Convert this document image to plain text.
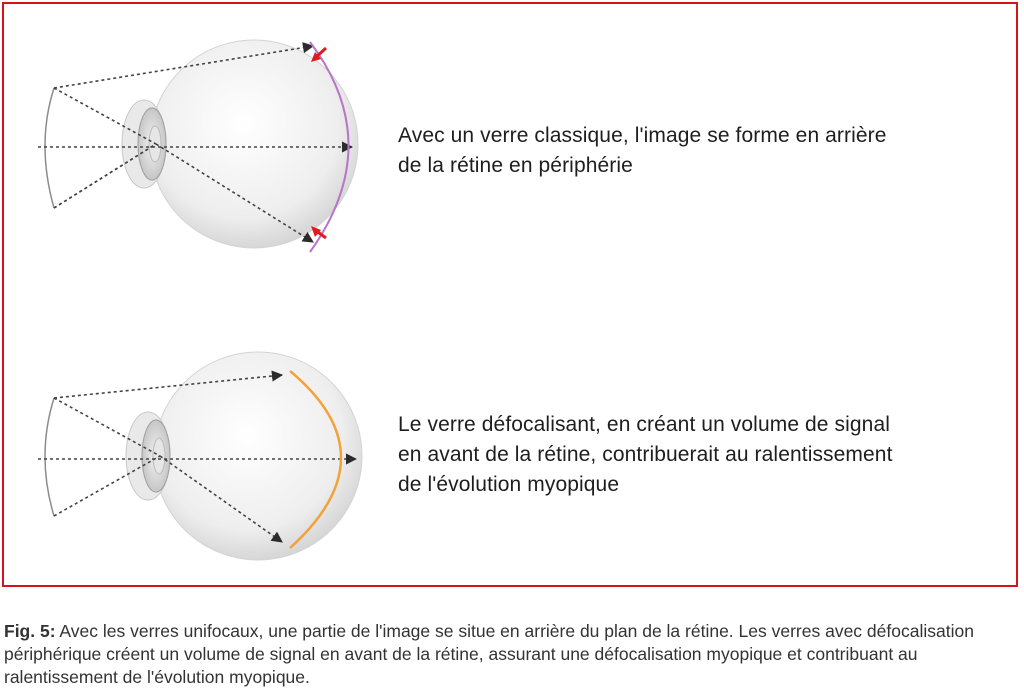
Avec un verre classique, l'image se forme en arrière
de la rétine en périphérie
Le verre défocalisant, en créant un volume de signal
en avant de la rétine, contribuerait au ralentissement
de l'évolution myopique
Fig. 5: Avec les verres unifocaux, une partie de l'image se situe en arrière du plan de la rétine. Les verres avec défocalisation périphérique créent un volume de signal en avant de la rétine, assurant une défocalisation myopique et contribuant au ralentissement de l'évolution myopique.
